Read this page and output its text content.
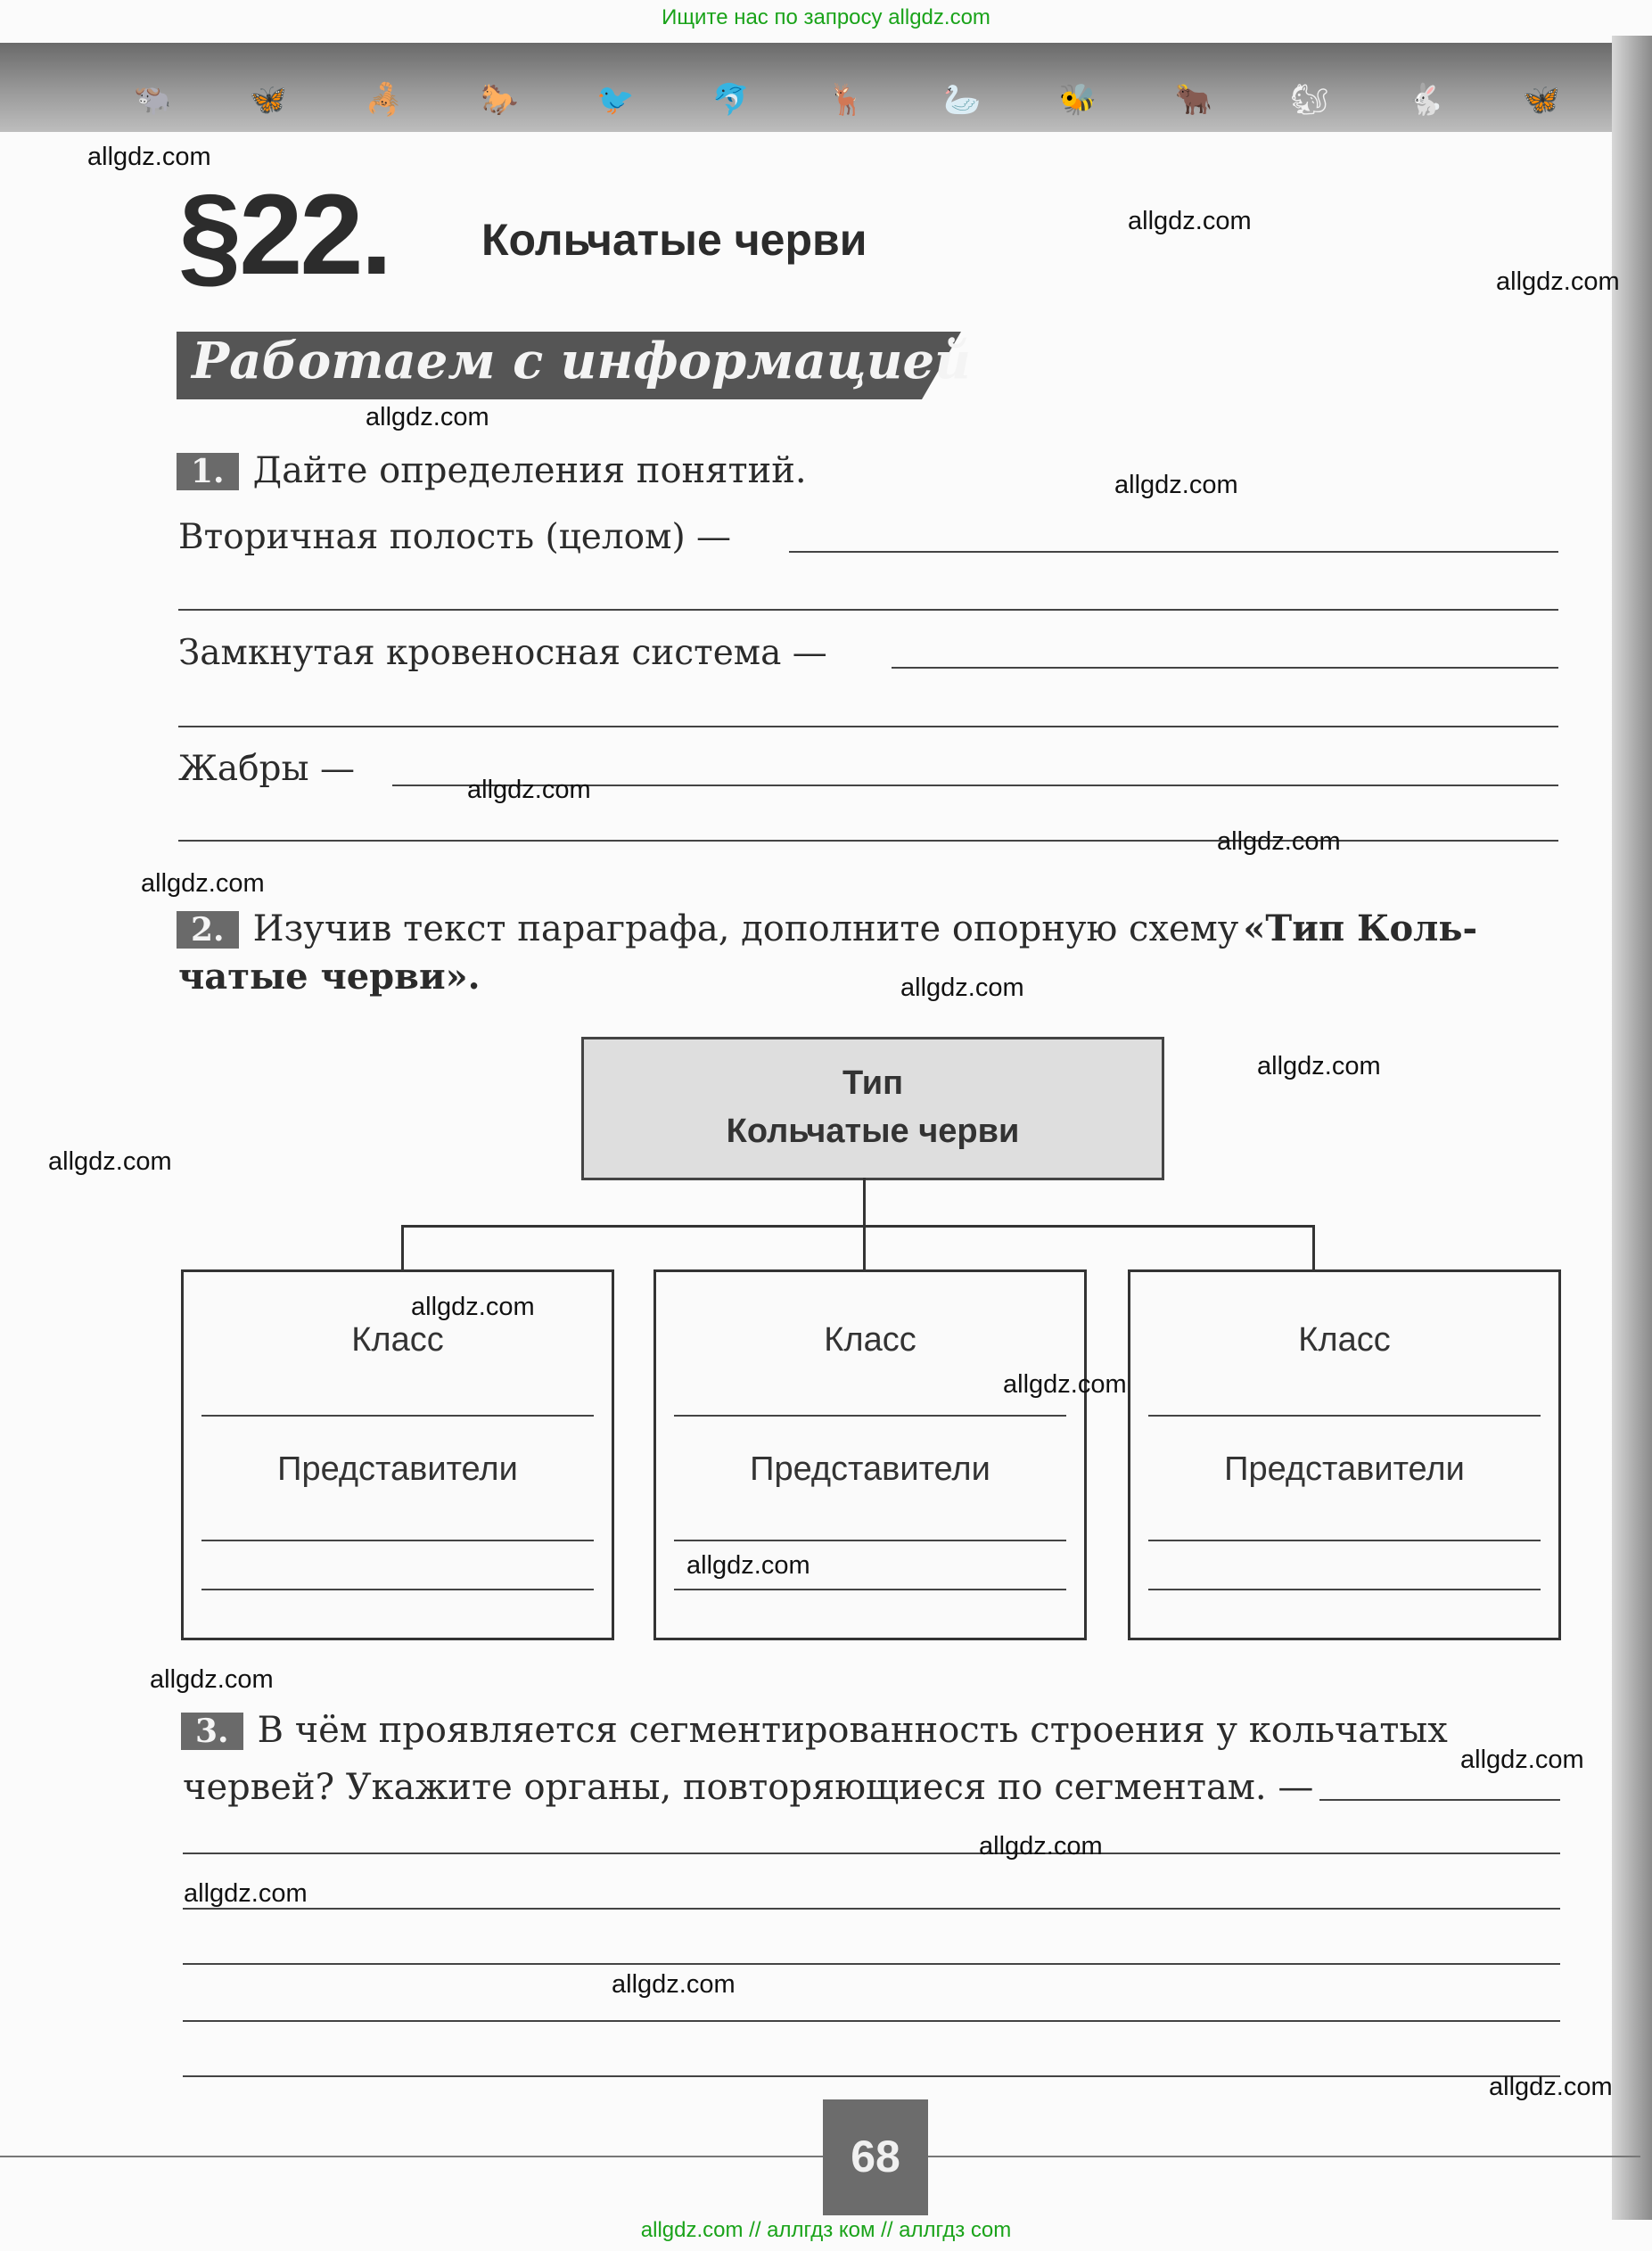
Ищите нас по запросу allgdz.com
🐃	🦋	🦂	🐎	🐦	🐬	🦌	🦢	🐝	🐂	🐿	🐇	🦋
§22. Кольчатые черви
Работаем с информацией
1. Дайте определения понятий.
Вторичная полость (целом) —
Замкнутая кровеносная система —
Жабры —
2. Изучив текст параграфа, дополните опорную схему «Тип Коль-
чатые черви».
Тип
Кольчатые черви
Класс
Представители
Класс
Представители
Класс
Представители
3. В чём проявляется сегментированность строения у кольчатых
червей? Укажите органы, повторяющиеся по сегментам. —
68
allgdz.com // аллгдз ком // аллгдз com
allgdz.com
allgdz.com
allgdz.com
allgdz.com
allgdz.com
allgdz.com
allgdz.com
allgdz.com
allgdz.com
allgdz.com
allgdz.com
allgdz.com
allgdz.com
allgdz.com
allgdz.com
allgdz.com
allgdz.com
allgdz.com
allgdz.com
allgdz.com
